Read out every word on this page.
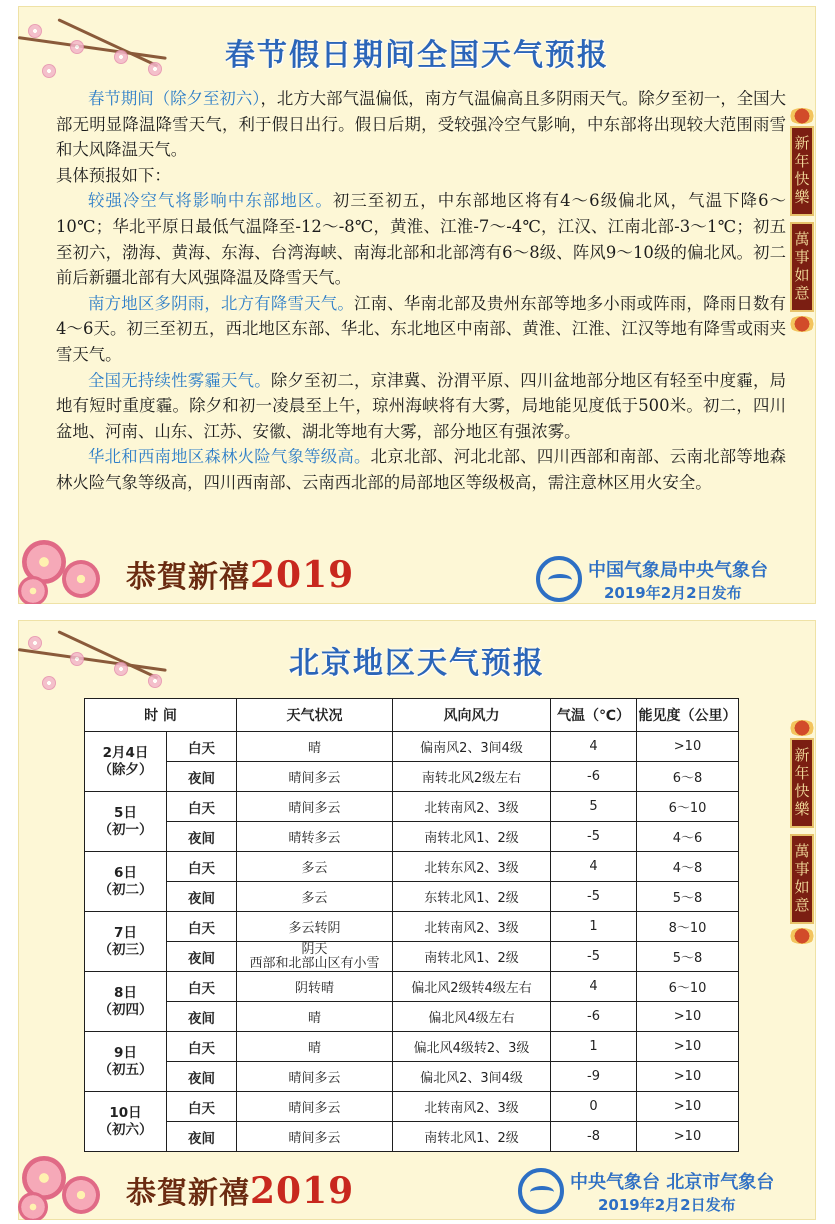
春节假日期间全国天气预报

春节期间（除夕至初六），北方大部气温偏低，南方气温偏高且多阴雨天气。除夕至初一，全国大部无明显降温降雪天气，利于假日出行。假日后期，受较强冷空气影响，中东部将出现较大范围雨雪和大风降温天气。

具体预报如下：

较强冷空气将影响中东部地区。初三至初五，中东部地区将有4～6级偏北风，气温下降6～10℃；华北平原日最低气温降至-12～-8℃，黄淮、江淮-7～-4℃，江汉、江南北部-3～1℃；初五至初六，渤海、黄海、东海、台湾海峡、南海北部和北部湾有6～8级、阵风9～10级的偏北风。初二前后新疆北部有大风强降温及降雪天气。

南方地区多阴雨，北方有降雪天气。江南、华南北部及贵州东部等地多小雨或阵雨，降雨日数有4～6天。初三至初五，西北地区东部、华北、东北地区中南部、黄淮、江淮、江汉等地有降雪或雨夹雪天气。

全国无持续性雾霾天气。除夕至初二，京津冀、汾渭平原、四川盆地部分地区有轻至中度霾，局地有短时重度霾。除夕和初一凌晨至上午，琼州海峡将有大雾，局地能见度低于500米。初二，四川盆地、河南、山东、江苏、安徽、湖北等地有大雾，部分地区有强浓雾。

华北和西南地区森林火险气象等级高。北京北部、河北北部、四川西部和南部、云南北部等地森林火险气象等级高，四川西南部、云南西北部的局部地区等级极高，需注意林区用火安全。

新年快樂
萬事如意
恭賀新禧2019	中国气象局中央气象台
2019年2月2日发布
北京地区天气预报
时 间		天气状况	风向风力	气温（℃）	能见度（公里）

2月4日
（除夕）	白天	晴	偏南风2、3间4级	4	>10
	夜间	晴间多云	南转北风2级左右	-6	6～8

5日
（初一）	白天	晴间多云	北转南风2、3级	5	6～10
	夜间	晴转多云	南转北风1、2级	-5	4～6

6日
（初二）	白天	多云	北转东风2、3级	4	4～8
	夜间	多云	东转北风1、2级	-5	5～8

7日
（初三）	白天	多云转阴	北转南风2、3级	1	8～10
	夜间	阴天
西部和北部山区有小雪	南转北风1、2级	-5	5～8

8日
（初四）	白天	阴转晴	偏北风2级转4级左右	4	6～10
	夜间	晴	偏北风4级左右	-6	>10

9日
（初五）	白天	晴	偏北风4级转2、3级	1	>10
	夜间	晴间多云	偏北风2、3间4级	-9	>10

10日
（初六）	白天	晴间多云	北转南风2、3级	0	>10
	夜间	晴间多云	南转北风1、2级	-8	>10
新年快樂
萬事如意
恭賀新禧2019	中央气象台 北京市气象台
2019年2月2日发布
